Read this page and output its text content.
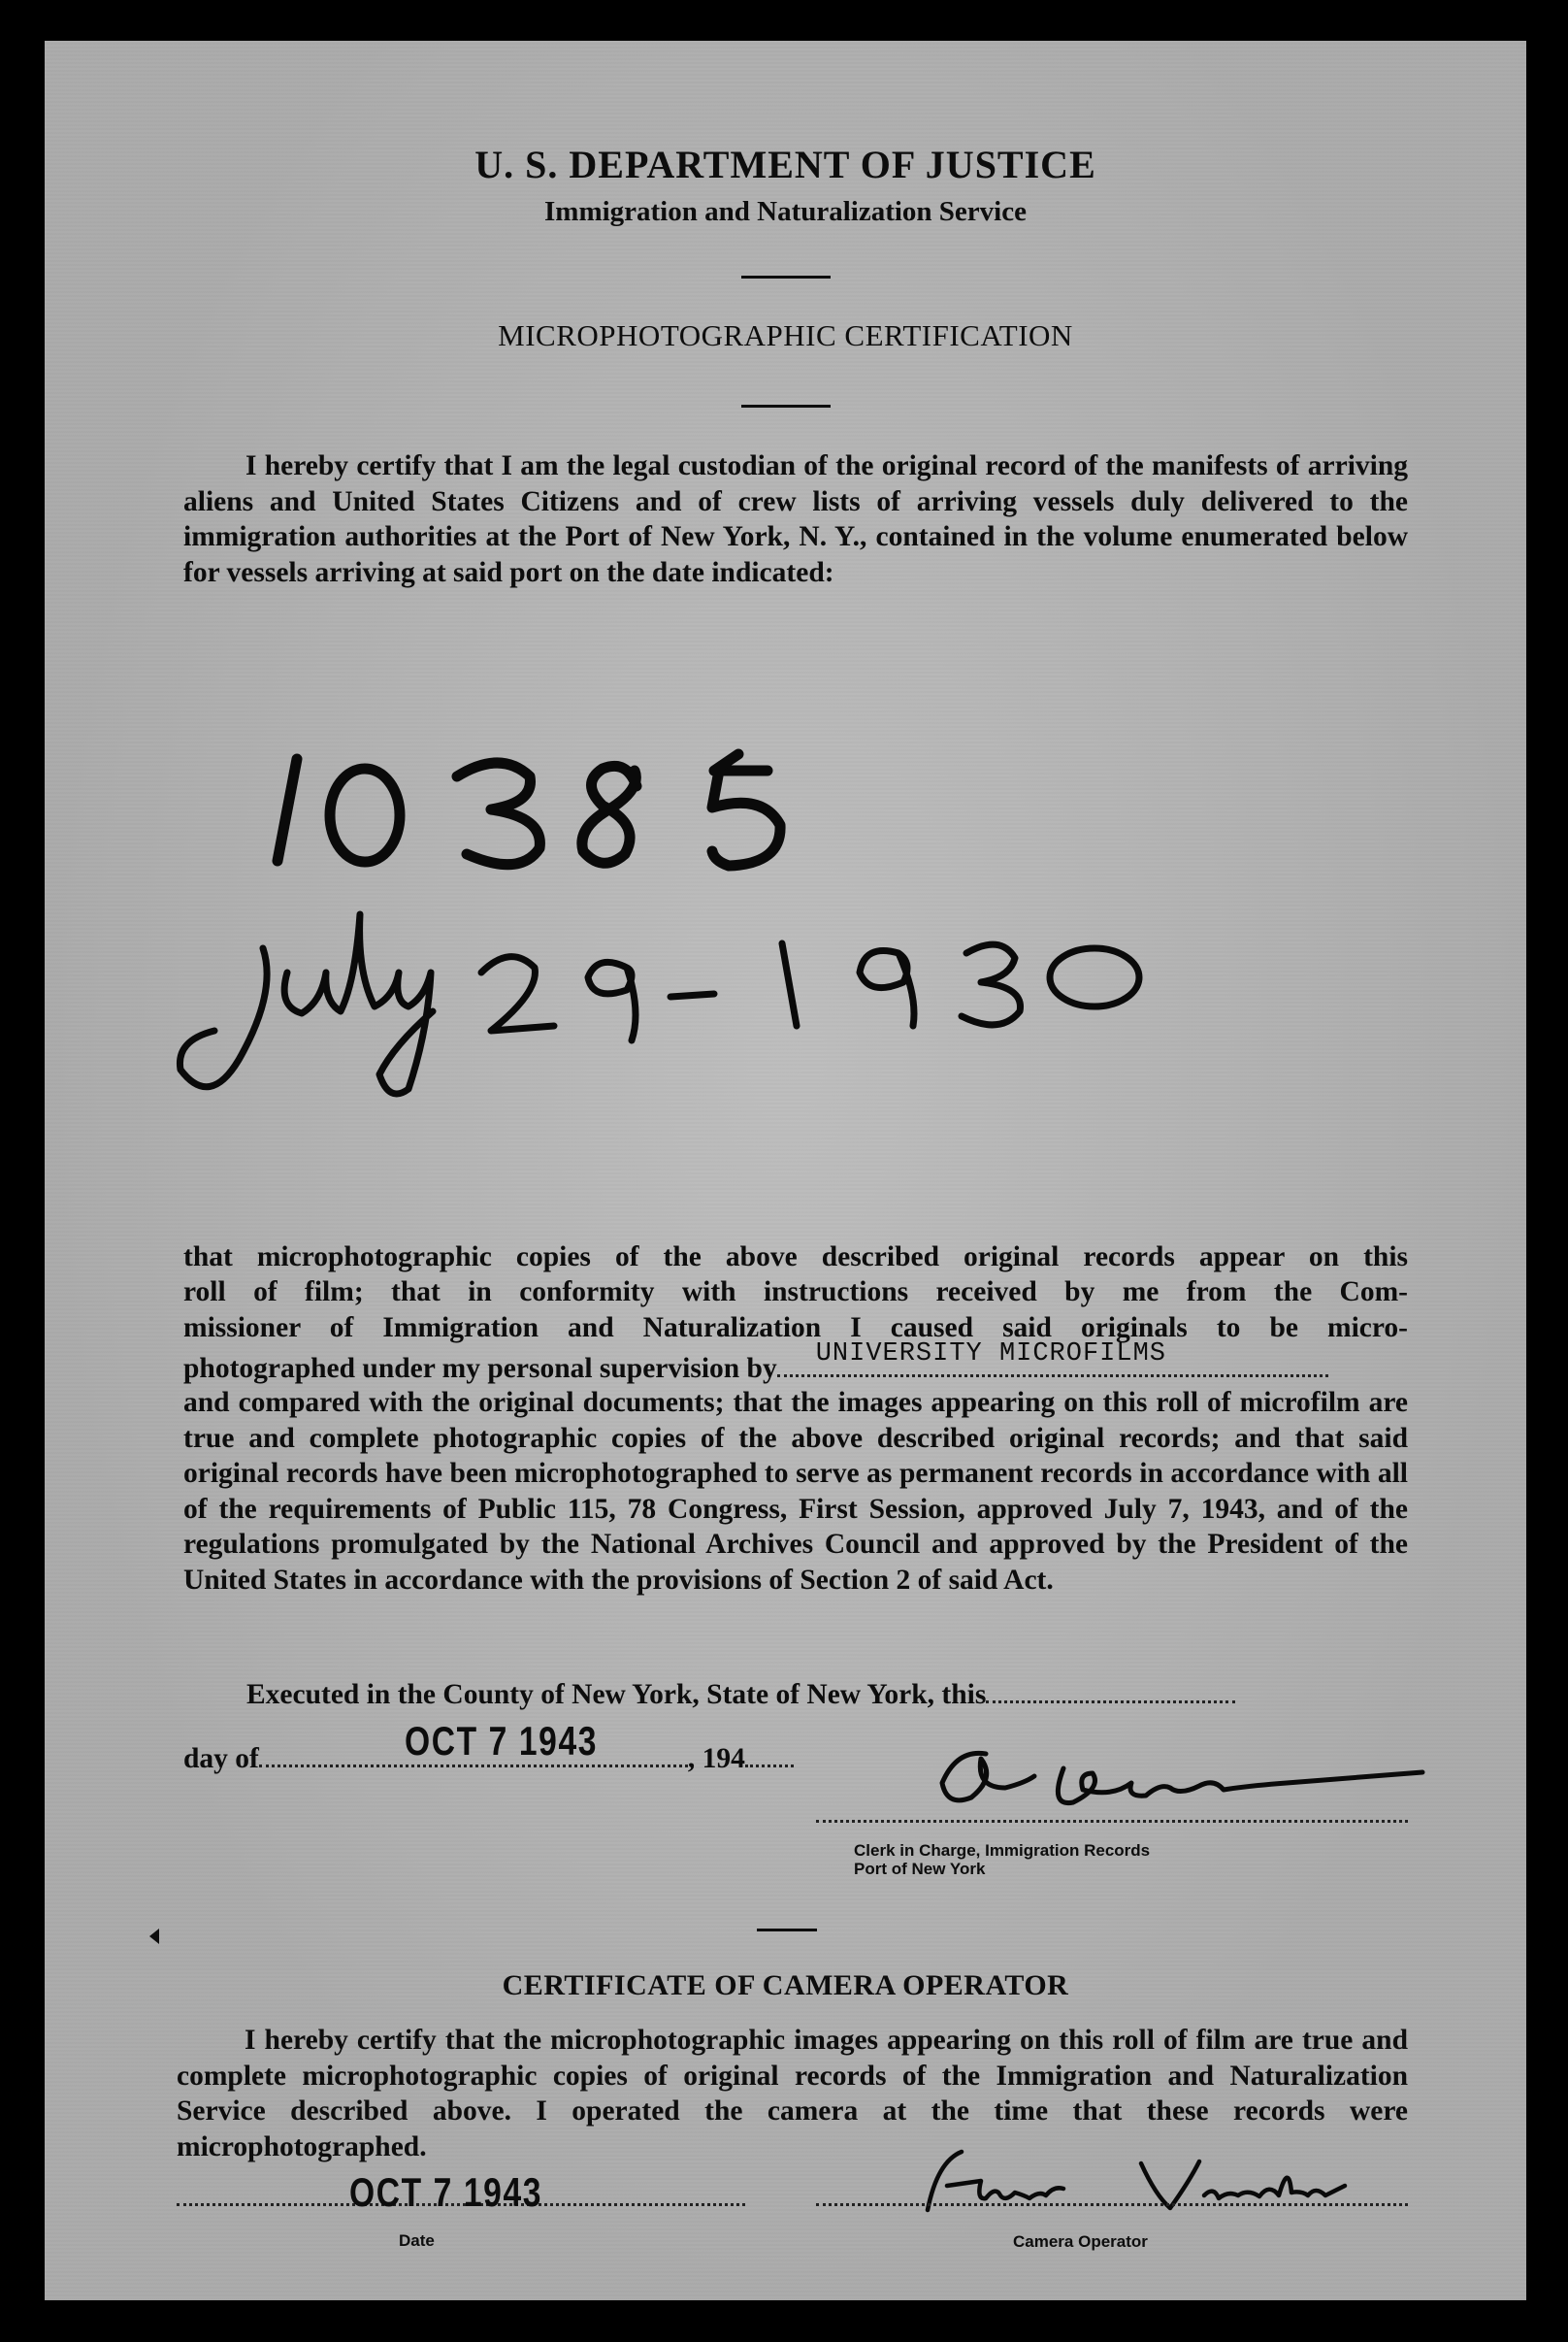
U. S. DEPARTMENT OF JUSTICE
Immigration and Naturalization Service
MICROPHOTOGRAPHIC CERTIFICATION
I hereby certify that I am the legal custodian of the original record of the manifests of arriving aliens and United States Citizens and of crew lists of arriving vessels duly delivered to the immigration authorities at the Port of New York, N. Y., contained in the volume enumerated below for vessels arriving at said port on the date indicated:
that microphotographic copies of the above described original records appear on this
roll of film; that in conformity with instructions received by me from the Com-
missioner of Immigration and Naturalization I caused said originals to be micro-
photographed under my personal supervision by UNIVERSITY MICROFILMS
and compared with the original documents; that the images appearing on this roll of microfilm are true and complete photographic copies of the above described original records; and that said original records have been microphotographed to serve as permanent records in accordance with all of the requirements of Public 115, 78 Congress, First Session, approved July 7, 1943, and of the regulations promulgated by the National Archives Council and approved by the President of the United States in accordance with the provisions of Section 2 of said Act.
Executed in the County of New York, State of New York, this
day of	OCT 7 1943	, 194
Clerk in Charge, Immigration Records
Port of New York
CERTIFICATE OF CAMERA OPERATOR
I hereby certify that the microphotographic images appearing on this roll of film are true and complete microphotographic copies of original records of the Immigration and Naturalization Service described above. I operated the camera at the time that these records were microphotographed.
OCT 7 1943
Date	Camera Operator
